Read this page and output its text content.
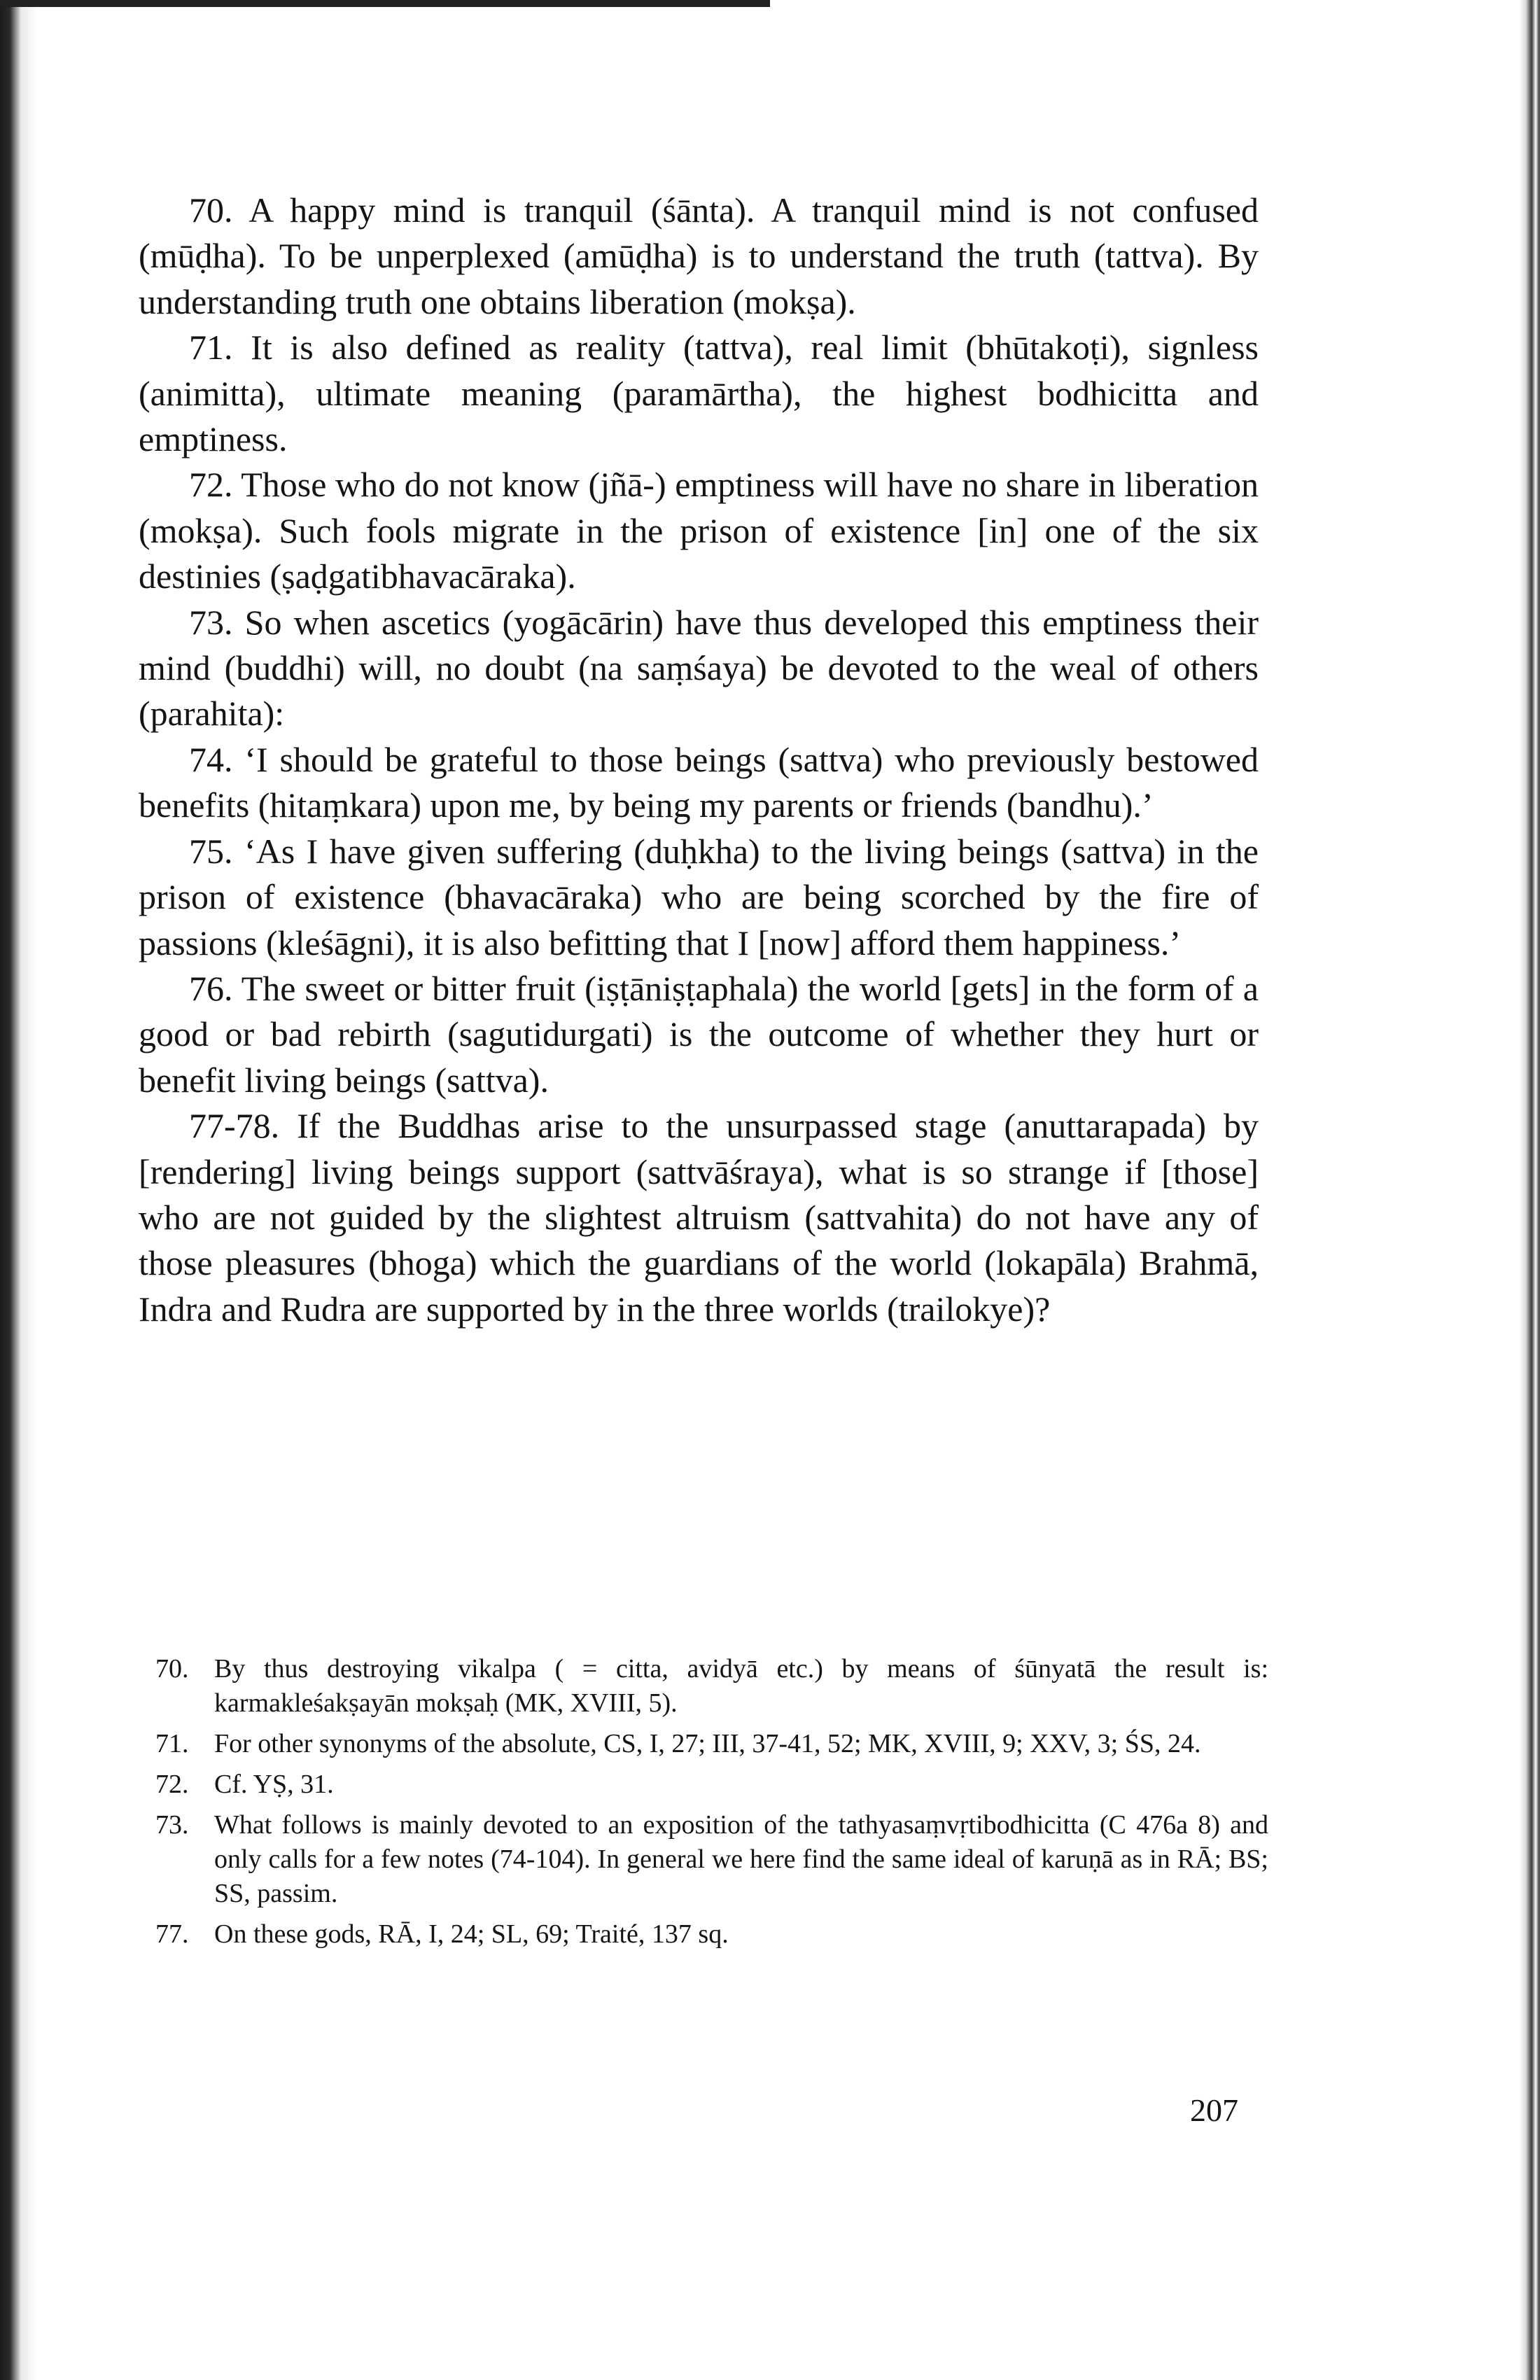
70. A happy mind is tranquil (śānta). A tranquil mind is not confused (mūḍha). To be unperplexed (amūḍha) is to understand the truth (tattva). By understanding truth one obtains liberation (mokṣa).

71. It is also defined as reality (tattva), real limit (bhūtakoṭi), signless (animitta), ultimate meaning (paramārtha), the highest bodhicitta and emptiness.

72. Those who do not know (jñā-) emptiness will have no share in liberation (mokṣa). Such fools migrate in the prison of existence [in] one of the six destinies (ṣaḍgatibhavacāraka).

73. So when ascetics (yogācārin) have thus developed this emptiness their mind (buddhi) will, no doubt (na saṃśaya) be devoted to the weal of others (parahita):

74. ‘I should be grateful to those beings (sattva) who previously bestowed benefits (hitaṃkara) upon me, by being my parents or friends (bandhu).’

75. ‘As I have given suffering (duḥkha) to the living beings (sattva) in the prison of existence (bhavacāraka) who are being scorched by the fire of passions (kleśāgni), it is also befitting that I [now] afford them happiness.’

76. The sweet or bitter fruit (iṣṭāniṣṭaphala) the world [gets] in the form of a good or bad rebirth (sagutidurgati) is the outcome of whether they hurt or benefit living beings (sattva).

77-78. If the Buddhas arise to the unsurpassed stage (anuttarapada) by [rendering] living beings support (sattvāśraya), what is so strange if [those] who are not guided by the slightest altruism (sattvahita) do not have any of those pleasures (bhoga) which the guardians of the world (lokapāla) Brahmā, Indra and Rudra are supported by in the three worlds (trailokye)?

70. By thus destroying vikalpa ( = citta, avidyā etc.) by means of śūnyatā the result is: karmakleśakṣayān mokṣaḥ (MK, XVIII, 5).
71. For other synonyms of the absolute, CS, I, 27; III, 37-41, 52; MK, XVIII, 9; XXV, 3; ŚS, 24.
72. Cf. YṢ, 31.
73. What follows is mainly devoted to an exposition of the tathyasaṃvṛtibodhicitta (C 476a 8) and only calls for a few notes (74-104). In general we here find the same ideal of karuṇā as in RĀ; BS; SS, passim.
77. On these gods, RĀ, I, 24; SL, 69; Traité, 137 sq.
207
